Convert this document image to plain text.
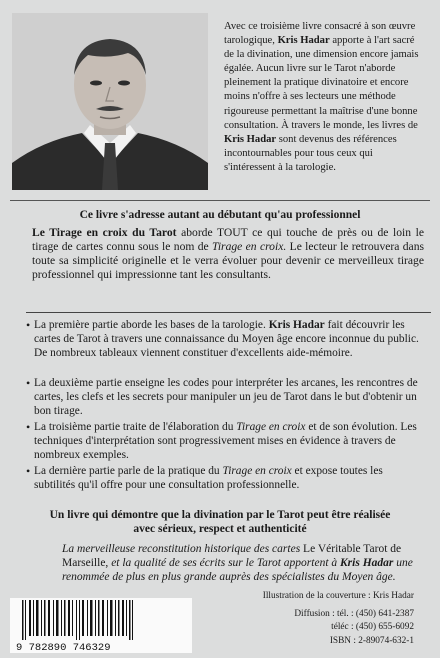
Avec ce troisième livre consacré à son œuvre tarologique, Kris Hadar apporte à l'art sacré de la divination, une dimension encore jamais égalée. Aucun livre sur le Tarot n'aborde pleinement la pratique divinatoire et encore moins n'offre à ses lecteurs une méthode rigoureuse permettant la maîtrise d'une bonne consultation. À travers le monde, les livres de Kris Hadar sont devenus des références incontournables pour tous ceux qui s'intéressent à la tarologie.
Ce livre s'adresse autant au débutant qu'au professionnel
Le Tirage en croix du Tarot aborde TOUT ce qui touche de près ou de loin le tirage de cartes connu sous le nom de Tirage en croix. Le lecteur le retrouvera dans toute sa simplicité originelle et le verra évoluer pour devenir ce merveilleux tirage professionnel qui impressionne tant les consultants.
• La première partie aborde les bases de la tarologie. Kris Hadar fait découvrir les cartes de Tarot à travers une connaissance du Moyen âge encore inconnue du public. De nombreux tableaux viennent constituer d'excellents aide-mémoire.
• La deuxième partie enseigne les codes pour interpréter les arcanes, les rencontres de cartes, les clefs et les secrets pour manipuler un jeu de Tarot dans le but d'obtenir un bon tirage.
• La troisième partie traite de l'élaboration du Tirage en croix et de son évolution. Les techniques d'interprétation sont progressivement mises en évidence à travers de nombreux exemples.
• La dernière partie parle de la pratique du Tirage en croix et expose toutes les subtilités qu'il offre pour une consultation professionnelle.
Un livre qui démontre que la divination par le Tarot peut être réalisée avec sérieux, respect et authenticité
La merveilleuse reconstitution historique des cartes Le Véritable Tarot de Marseille, et la qualité de ses écrits sur le Tarot apportent à Kris Hadar une renommée de plus en plus grande auprès des spécialistes du Moyen âge.
Illustration de la couverture : Kris Hadar
Diffusion : tél. : (450) 641-2387
téléc : (450) 655-6092
ISBN : 2-89074-632-1
9 782890 746329
